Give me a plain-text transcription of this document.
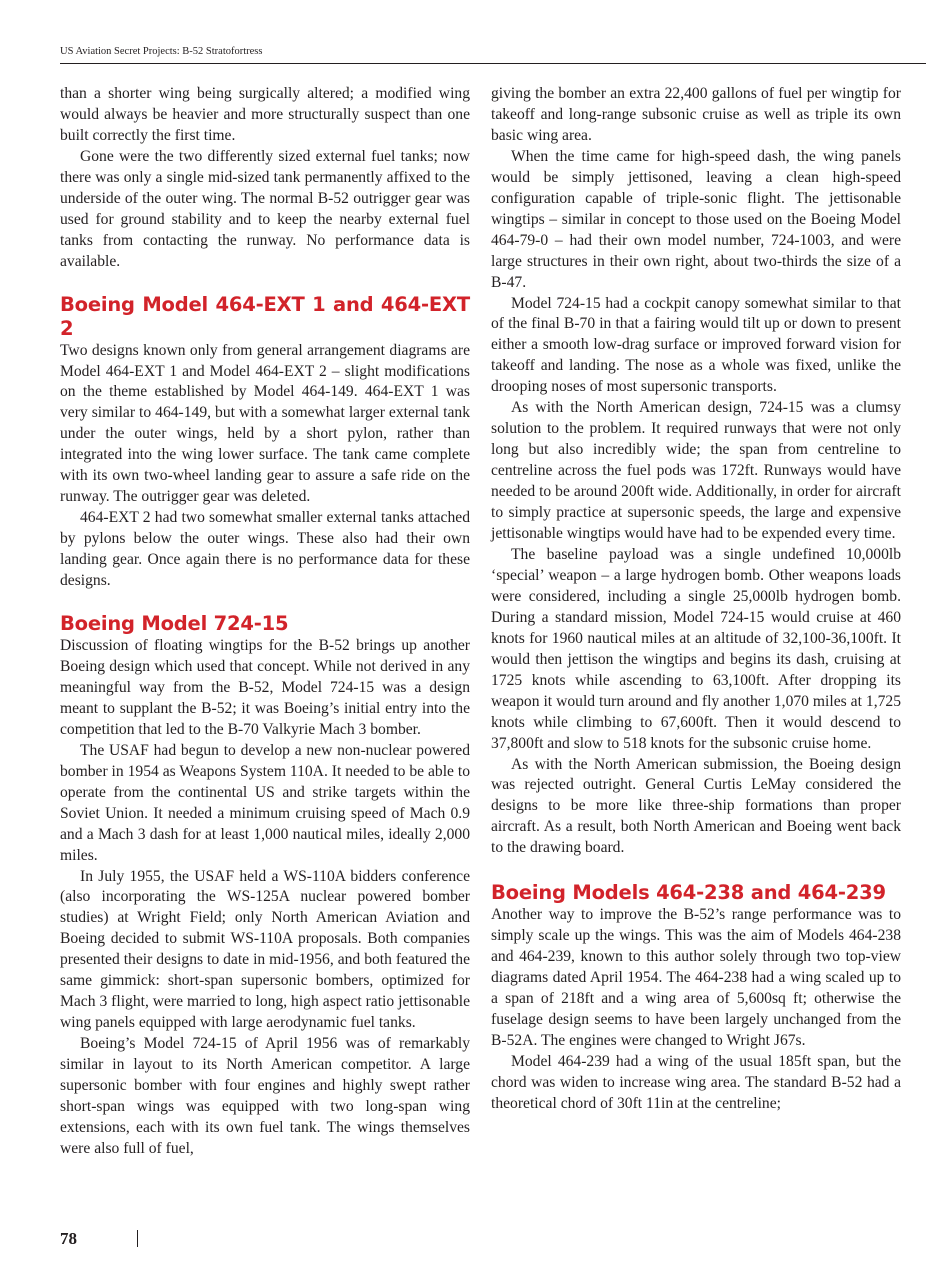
US Aviation Secret Projects: B-52 Stratofortress

than a shorter wing being surgically altered; a modified wing would always be heavier and more structurally suspect than one built correctly the first time.

Gone were the two differently sized external fuel tanks; now there was only a single mid-sized tank permanently affixed to the underside of the outer wing. The normal B-52 outrigger gear was used for ground stability and to keep the nearby external fuel tanks from contacting the runway. No performance data is available.

Boeing Model 464-EXT 1 and 464-EXT 2

Two designs known only from general arrangement diagrams are Model 464-EXT 1 and Model 464-EXT 2 – slight modifications on the theme established by Model 464-149. 464-EXT 1 was very similar to 464-149, but with a somewhat larger external tank under the outer wings, held by a short pylon, rather than integrated into the wing lower surface. The tank came complete with its own two-wheel landing gear to assure a safe ride on the runway. The outrigger gear was deleted.

464-EXT 2 had two somewhat smaller external tanks attached by pylons below the outer wings. These also had their own landing gear. Once again there is no performance data for these designs.

Boeing Model 724-15

Discussion of floating wingtips for the B-52 brings up another Boeing design which used that concept. While not derived in any meaningful way from the B-52, Model 724-15 was a design meant to supplant the B-52; it was Boeing’s initial entry into the competition that led to the B-70 Valkyrie Mach 3 bomber.

The USAF had begun to develop a new non-nuclear powered bomber in 1954 as Weapons System 110A. It needed to be able to operate from the continental US and strike targets within the Soviet Union. It needed a minimum cruising speed of Mach 0.9 and a Mach 3 dash for at least 1,000 nautical miles, ideally 2,000 miles.

In July 1955, the USAF held a WS-110A bidders conference (also incorporating the WS-125A nuclear powered bomber studies) at Wright Field; only North American Aviation and Boeing decided to submit WS-110A proposals. Both companies presented their designs to date in mid-1956, and both featured the same gimmick: short-span supersonic bombers, optimized for Mach 3 flight, were married to long, high aspect ratio jettisonable wing panels equipped with large aerodynamic fuel tanks.

Boeing’s Model 724-15 of April 1956 was of remarkably similar in layout to its North American competitor. A large supersonic bomber with four engines and highly swept rather short-span wings was equipped with two long-span wing extensions, each with its own fuel tank. The wings themselves were also full of fuel,

giving the bomber an extra 22,400 gallons of fuel per wingtip for takeoff and long-range subsonic cruise as well as triple its own basic wing area.

When the time came for high-speed dash, the wing panels would be simply jettisoned, leaving a clean high-speed configuration capable of triple-sonic flight. The jettisonable wingtips – similar in concept to those used on the Boeing Model 464-79-0 – had their own model number, 724-1003, and were large structures in their own right, about two-thirds the size of a B-47.

Model 724-15 had a cockpit canopy somewhat similar to that of the final B-70 in that a fairing would tilt up or down to present either a smooth low-drag surface or improved forward vision for takeoff and landing. The nose as a whole was fixed, unlike the drooping noses of most supersonic transports.

As with the North American design, 724-15 was a clumsy solution to the problem. It required runways that were not only long but also incredibly wide; the span from centreline to centreline across the fuel pods was 172ft. Runways would have needed to be around 200ft wide. Additionally, in order for aircraft to simply practice at supersonic speeds, the large and expensive jettisonable wingtips would have had to be expended every time.

The baseline payload was a single undefined 10,000lb ‘special’ weapon – a large hydrogen bomb. Other weapons loads were considered, including a single 25,000lb hydrogen bomb. During a standard mission, Model 724-15 would cruise at 460 knots for 1960 nautical miles at an altitude of 32,100-36,100ft. It would then jettison the wingtips and begins its dash, cruising at 1725 knots while ascending to 63,100ft. After dropping its weapon it would turn around and fly another 1,070 miles at 1,725 knots while climbing to 67,600ft. Then it would descend to 37,800ft and slow to 518 knots for the subsonic cruise home.

As with the North American submission, the Boeing design was rejected outright. General Curtis LeMay considered the designs to be more like three-ship formations than proper aircraft. As a result, both North American and Boeing went back to the drawing board.

Boeing Models 464-238 and 464-239

Another way to improve the B-52’s range performance was to simply scale up the wings. This was the aim of Models 464-238 and 464-239, known to this author solely through two top-view diagrams dated April 1954. The 464-238 had a wing scaled up to a span of 218ft and a wing area of 5,600sq ft; otherwise the fuselage design seems to have been largely unchanged from the B-52A. The engines were changed to Wright J67s.

Model 464-239 had a wing of the usual 185ft span, but the chord was widen to increase wing area. The standard B-52 had a theoretical chord of 30ft 11in at the centreline;

78
